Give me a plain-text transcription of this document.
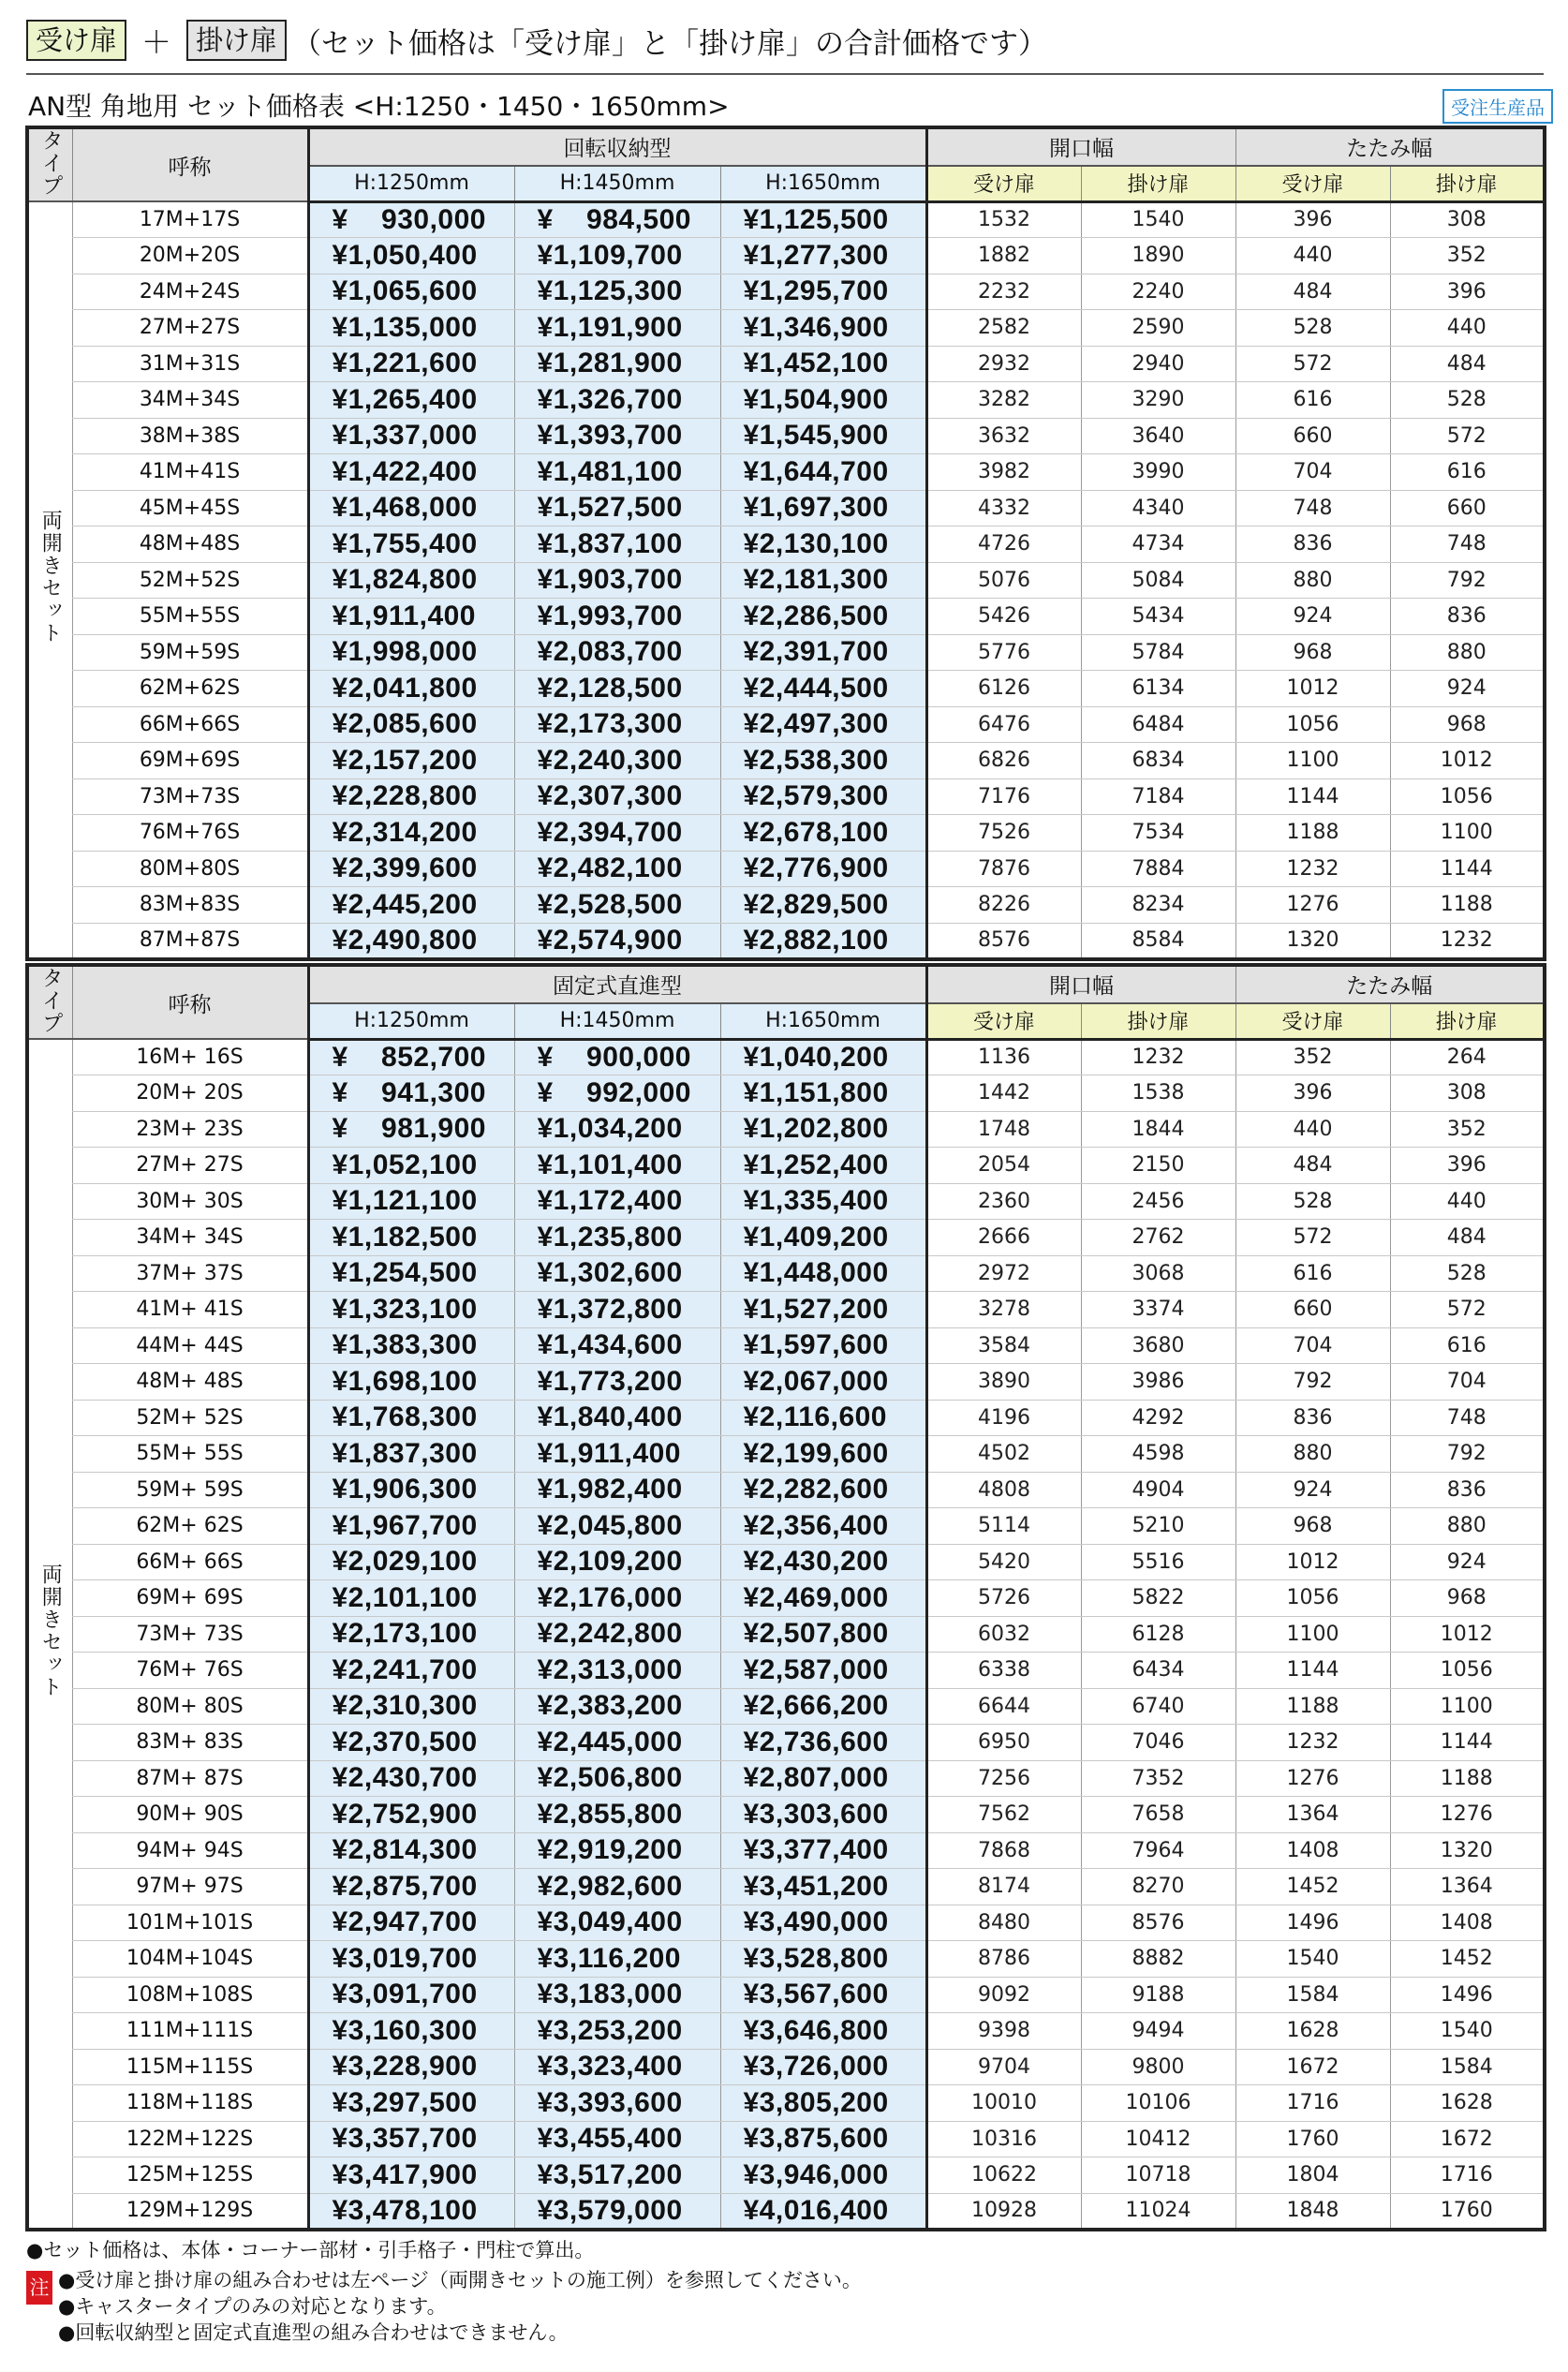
受け扉 ＋ 掛け扉 （セット価格は「受け扉」と「掛け扉」の合計価格です）
AN型 角地用 セット価格表 <H:1250・1450・1650mm>	受注生産品
タイプ	呼称	回転収納型			開口幅		たたみ幅	
		H:1250mm	H:1450mm	H:1650mm	受け扉	掛け扉	受け扉	掛け扉
両開きセット	17M+17S	¥    930,000	¥    984,500	¥1,125,500	1532	1540	396	308
	20M+20S	¥1,050,400	¥1,109,700	¥1,277,300	1882	1890	440	352
	24M+24S	¥1,065,600	¥1,125,300	¥1,295,700	2232	2240	484	396
	27M+27S	¥1,135,000	¥1,191,900	¥1,346,900	2582	2590	528	440
	31M+31S	¥1,221,600	¥1,281,900	¥1,452,100	2932	2940	572	484
	34M+34S	¥1,265,400	¥1,326,700	¥1,504,900	3282	3290	616	528
	38M+38S	¥1,337,000	¥1,393,700	¥1,545,900	3632	3640	660	572
	41M+41S	¥1,422,400	¥1,481,100	¥1,644,700	3982	3990	704	616
	45M+45S	¥1,468,000	¥1,527,500	¥1,697,300	4332	4340	748	660
	48M+48S	¥1,755,400	¥1,837,100	¥2,130,100	4726	4734	836	748
	52M+52S	¥1,824,800	¥1,903,700	¥2,181,300	5076	5084	880	792
	55M+55S	¥1,911,400	¥1,993,700	¥2,286,500	5426	5434	924	836
	59M+59S	¥1,998,000	¥2,083,700	¥2,391,700	5776	5784	968	880
	62M+62S	¥2,041,800	¥2,128,500	¥2,444,500	6126	6134	1012	924
	66M+66S	¥2,085,600	¥2,173,300	¥2,497,300	6476	6484	1056	968
	69M+69S	¥2,157,200	¥2,240,300	¥2,538,300	6826	6834	1100	1012
	73M+73S	¥2,228,800	¥2,307,300	¥2,579,300	7176	7184	1144	1056
	76M+76S	¥2,314,200	¥2,394,700	¥2,678,100	7526	7534	1188	1100
	80M+80S	¥2,399,600	¥2,482,100	¥2,776,900	7876	7884	1232	1144
	83M+83S	¥2,445,200	¥2,528,500	¥2,829,500	8226	8234	1276	1188
	87M+87S	¥2,490,800	¥2,574,900	¥2,882,100	8576	8584	1320	1232
タイプ	呼称	固定式直進型			開口幅		たたみ幅	
		H:1250mm	H:1450mm	H:1650mm	受け扉	掛け扉	受け扉	掛け扉
両開きセット	16M+ 16S	¥    852,700	¥    900,000	¥1,040,200	1136	1232	352	264
	20M+ 20S	¥    941,300	¥    992,000	¥1,151,800	1442	1538	396	308
	23M+ 23S	¥    981,900	¥1,034,200	¥1,202,800	1748	1844	440	352
	27M+ 27S	¥1,052,100	¥1,101,400	¥1,252,400	2054	2150	484	396
	30M+ 30S	¥1,121,100	¥1,172,400	¥1,335,400	2360	2456	528	440
	34M+ 34S	¥1,182,500	¥1,235,800	¥1,409,200	2666	2762	572	484
	37M+ 37S	¥1,254,500	¥1,302,600	¥1,448,000	2972	3068	616	528
	41M+ 41S	¥1,323,100	¥1,372,800	¥1,527,200	3278	3374	660	572
	44M+ 44S	¥1,383,300	¥1,434,600	¥1,597,600	3584	3680	704	616
	48M+ 48S	¥1,698,100	¥1,773,200	¥2,067,000	3890	3986	792	704
	52M+ 52S	¥1,768,300	¥1,840,400	¥2,116,600	4196	4292	836	748
	55M+ 55S	¥1,837,300	¥1,911,400	¥2,199,600	4502	4598	880	792
	59M+ 59S	¥1,906,300	¥1,982,400	¥2,282,600	4808	4904	924	836
	62M+ 62S	¥1,967,700	¥2,045,800	¥2,356,400	5114	5210	968	880
	66M+ 66S	¥2,029,100	¥2,109,200	¥2,430,200	5420	5516	1012	924
	69M+ 69S	¥2,101,100	¥2,176,000	¥2,469,000	5726	5822	1056	968
	73M+ 73S	¥2,173,100	¥2,242,800	¥2,507,800	6032	6128	1100	1012
	76M+ 76S	¥2,241,700	¥2,313,000	¥2,587,000	6338	6434	1144	1056
	80M+ 80S	¥2,310,300	¥2,383,200	¥2,666,200	6644	6740	1188	1100
	83M+ 83S	¥2,370,500	¥2,445,000	¥2,736,600	6950	7046	1232	1144
	87M+ 87S	¥2,430,700	¥2,506,800	¥2,807,000	7256	7352	1276	1188
	90M+ 90S	¥2,752,900	¥2,855,800	¥3,303,600	7562	7658	1364	1276
	94M+ 94S	¥2,814,300	¥2,919,200	¥3,377,400	7868	7964	1408	1320
	97M+ 97S	¥2,875,700	¥2,982,600	¥3,451,200	8174	8270	1452	1364
	101M+101S	¥2,947,700	¥3,049,400	¥3,490,000	8480	8576	1496	1408
	104M+104S	¥3,019,700	¥3,116,200	¥3,528,800	8786	8882	1540	1452
	108M+108S	¥3,091,700	¥3,183,000	¥3,567,600	9092	9188	1584	1496
	111M+111S	¥3,160,300	¥3,253,200	¥3,646,800	9398	9494	1628	1540
	115M+115S	¥3,228,900	¥3,323,400	¥3,726,000	9704	9800	1672	1584
	118M+118S	¥3,297,500	¥3,393,600	¥3,805,200	10010	10106	1716	1628
	122M+122S	¥3,357,700	¥3,455,400	¥3,875,600	10316	10412	1760	1672
	125M+125S	¥3,417,900	¥3,517,200	¥3,946,000	10622	10718	1804	1716
	129M+129S	¥3,478,100	¥3,579,000	¥4,016,400	10928	11024	1848	1760
●セット価格は、本体・コーナー部材・引手格子・門柱で算出。
注 ●受け扉と掛け扉の組み合わせは左ページ（両開きセットの施工例）を参照してください。
●キャスタータイプのみの対応となります。
●回転収納型と固定式直進型の組み合わせはできません。
